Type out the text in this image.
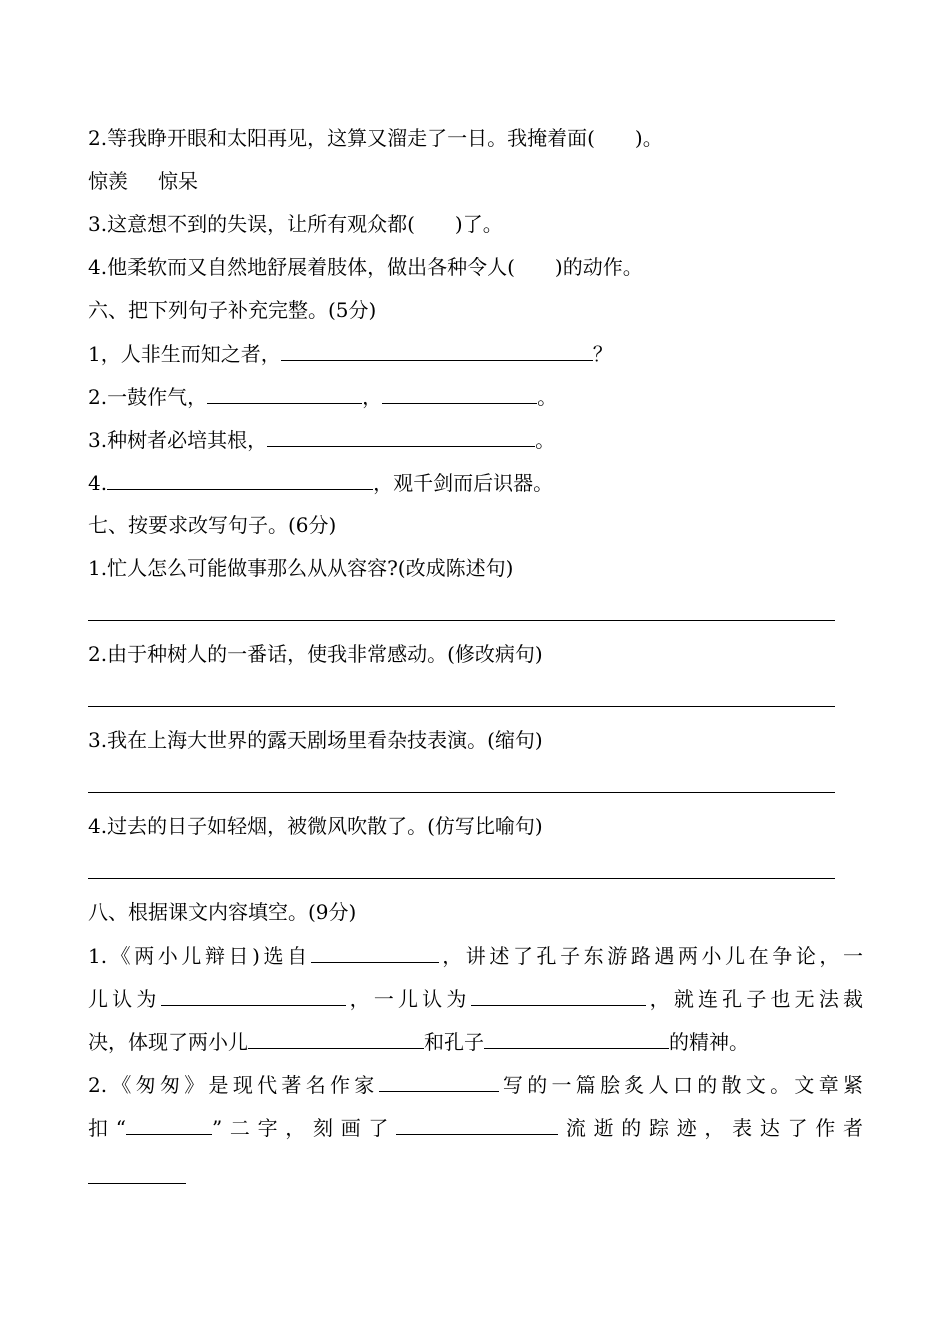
2.等我睁开眼和太阳再见，这算又溜走了一日。我掩着面( )。
惊羡 惊呆
3.这意想不到的失误，让所有观众都( )了。
4.他柔软而又自然地舒展着肢体，做出各种令人( )的动作。
六、把下列句子补充完整。(5分)
1，人非生而知之者，	？
2.一鼓作气，	，	。
3.种树者必培其根，	。
4.	，观千剑而后识器。
七、按要求改写句子。(6分)
1.忙人怎么可能做事那么从从容容?(改成陈述句)
2.由于种树人的一番话，使我非常感动。(修改病句)
3.我在上海大世界的露天剧场里看杂技表演。(缩句)
4.过去的日子如轻烟，被微风吹散了。(仿写比喻句)
八、根据课文内容填空。(9分)
1.《两小儿辩日)选自	，讲述了孔子东游路遇两小儿在争论，一
儿认为	，一儿认为	，就连孔子也无法裁
决，体现了两小儿	和孔子	的精神。
2.《匆匆》是现代著名作家	写的一篇脍炙人口的散文。文章紧
扣“	”二字，刻画了	流逝的踪迹，表达了作者
